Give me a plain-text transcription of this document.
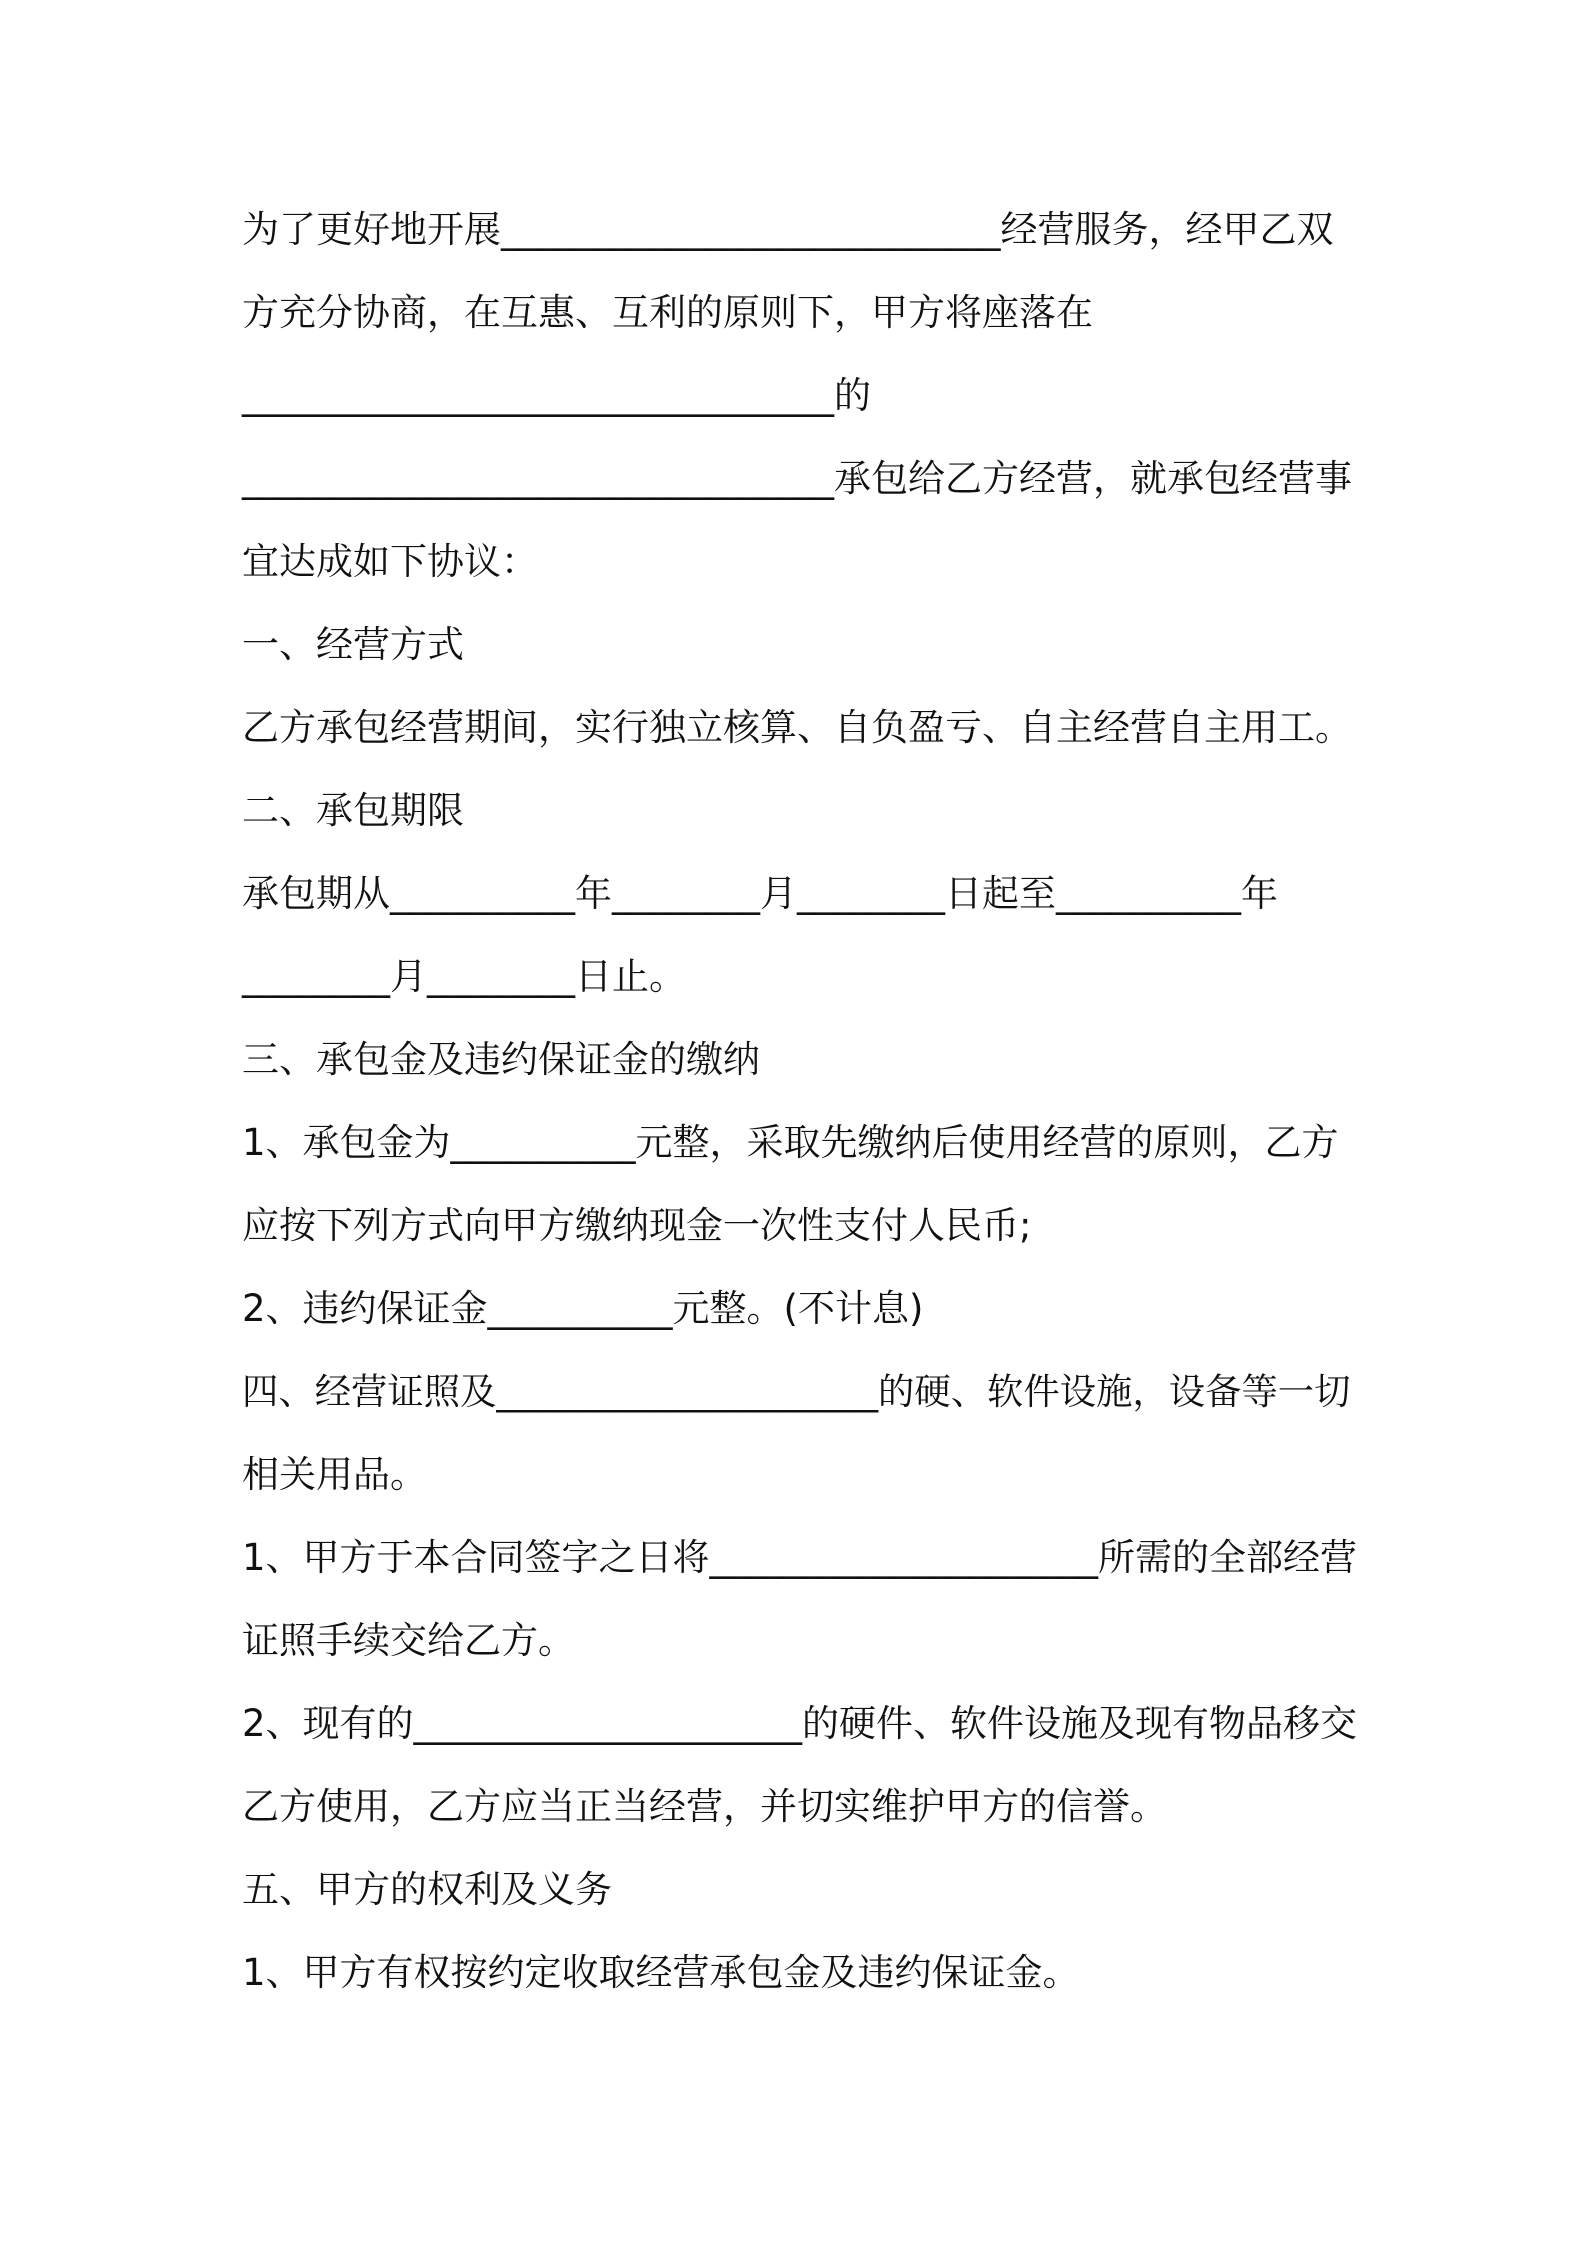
为了更好地开展___________________________经营服务，经甲乙双
方充分协商，在互惠、互利的原则下，甲方将座落在
________________________________的
________________________________承包给乙方经营，就承包经营事
宜达成如下协议：
一、经营方式
乙方承包经营期间，实行独立核算、自负盈亏、自主经营自主用工。
二、承包期限
承包期从__________年________月________日起至__________年
________月________日止。
三、承包金及违约保证金的缴纳
1、承包金为__________元整，采取先缴纳后使用经营的原则，乙方
应按下列方式向甲方缴纳现金一次性支付人民币;
2、违约保证金__________元整。(不计息)
四、经营证照及_____________________的硬、软件设施，设备等一切
相关用品。
1、甲方于本合同签字之日将_____________________所需的全部经营
证照手续交给乙方。
2、现有的_____________________的硬件、软件设施及现有物品移交
乙方使用，乙方应当正当经营，并切实维护甲方的信誉。
五、甲方的权利及义务
1、甲方有权按约定收取经营承包金及违约保证金。
